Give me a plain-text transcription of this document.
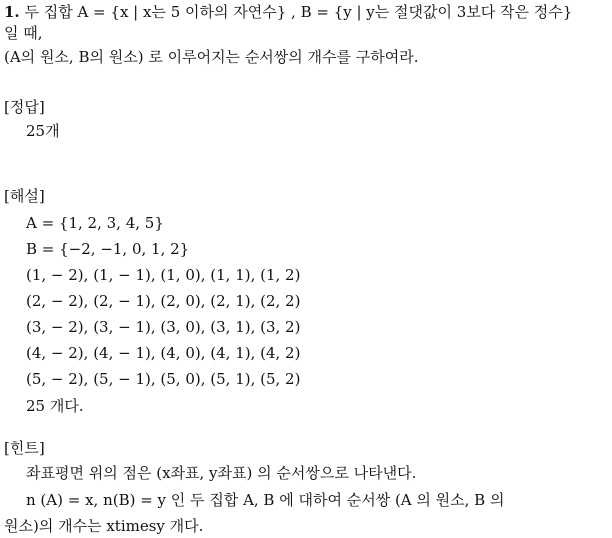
1. 두 집합 A = {x | x는 5 이하의 자연수} , B = {y | y는 절댓값이 3보다 작은 정수}
일 때,
(A의 원소, B의 원소) 로 이루어지는 순서쌍의 개수를 구하여라.
[정답]
25개
[해설]
A = {1, 2, 3, 4, 5}
B = {−2, −1, 0, 1, 2}
(1, − 2), (1, − 1), (1, 0), (1, 1), (1, 2)
(2, − 2), (2, − 1), (2, 0), (2, 1), (2, 2)
(3, − 2), (3, − 1), (3, 0), (3, 1), (3, 2)
(4, − 2), (4, − 1), (4, 0), (4, 1), (4, 2)
(5, − 2), (5, − 1), (5, 0), (5, 1), (5, 2)
25 개다.
[힌트]
좌표평면 위의 점은 (x좌표, y좌표) 의 순서쌍으로 나타낸다.
n (A) = x, n(B) = y 인 두 집합 A, B 에 대하여 순서쌍 (A 의 원소, B 의
원소)의 개수는 xtimesy 개다.
